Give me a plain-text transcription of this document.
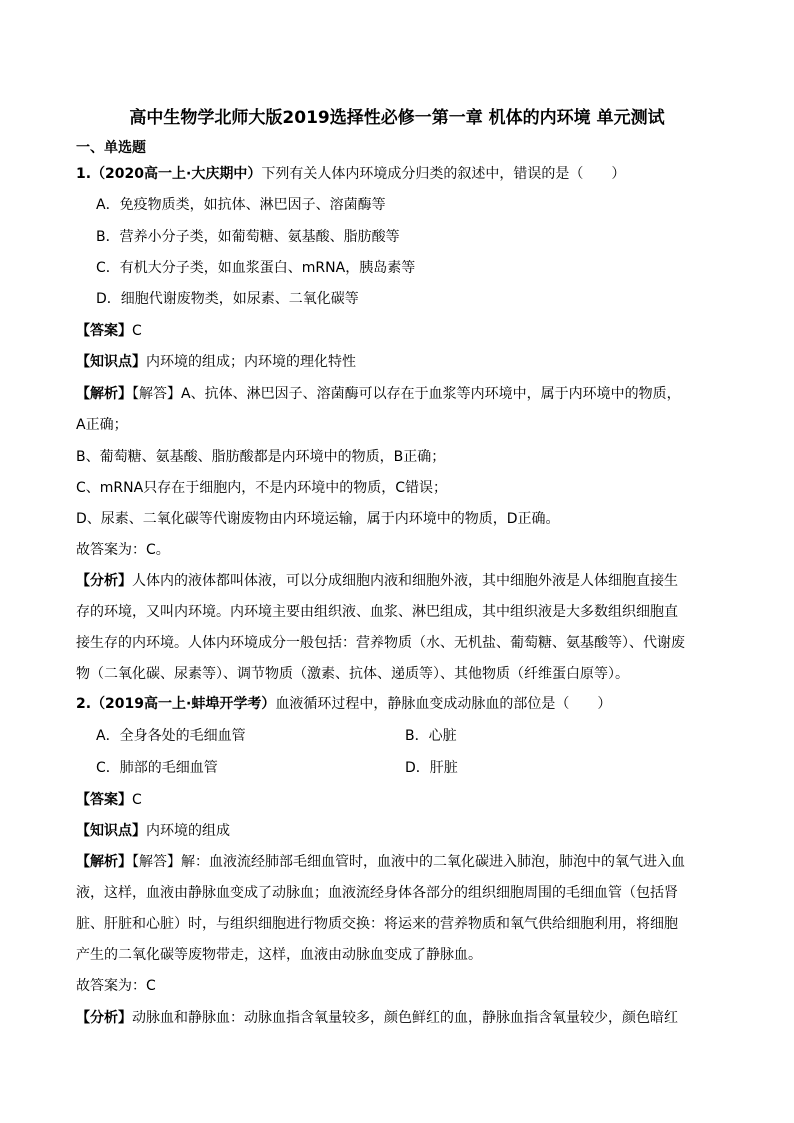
高中生物学北师大版2019选择性必修一第一章 机体的内环境 单元测试
一、单选题
1.（2020高一上·大庆期中）下列有关人体内环境成分归类的叙述中，错误的是（　　）
A．免疫物质类，如抗体、淋巴因子、溶菌酶等
B．营养小分子类，如葡萄糖、氨基酸、脂肪酸等
C．有机大分子类，如血浆蛋白、mRNA，胰岛素等
D．细胞代谢废物类，如尿素、二氧化碳等
【答案】C
【知识点】内环境的组成；内环境的理化特性
【解析】【解答】A、抗体、淋巴因子、溶菌酶可以存在于血浆等内环境中，属于内环境中的物质，
A正确；
B、葡萄糖、氨基酸、脂肪酸都是内环境中的物质，B正确；
C、mRNA只存在于细胞内，不是内环境中的物质，C错误；
D、尿素、二氧化碳等代谢废物由内环境运输，属于内环境中的物质，D正确。
故答案为：C。
【分析】人体内的液体都叫体液，可以分成细胞内液和细胞外液，其中细胞外液是人体细胞直接生
存的环境，又叫内环境。内环境主要由组织液、血浆、淋巴组成，其中组织液是大多数组织细胞直
接生存的内环境。人体内环境成分一般包括：营养物质（水、无机盐、葡萄糖、氨基酸等）、代谢废
物（二氧化碳、尿素等）、调节物质（激素、抗体、递质等）、其他物质（纤维蛋白原等）。
2.（2019高一上·蚌埠开学考）血液循环过程中，静脉血变成动脉血的部位是（　　）
A．全身各处的毛细血管	B．心脏
C．肺部的毛细血管	D．肝脏
【答案】C
【知识点】内环境的组成
【解析】【解答】解：血液流经肺部毛细血管时，血液中的二氧化碳进入肺泡，肺泡中的氧气进入血
液，这样，血液由静脉血变成了动脉血；血液流经身体各部分的组织细胞周围的毛细血管（包括肾
脏、肝脏和心脏）时，与组织细胞进行物质交换：将运来的营养物质和氧气供给细胞利用，将细胞
产生的二氧化碳等废物带走，这样，血液由动脉血变成了静脉血。
故答案为：C
【分析】动脉血和静脉血：动脉血指含氧量较多，颜色鲜红的血，静脉血指含氧量较少，颜色暗红
